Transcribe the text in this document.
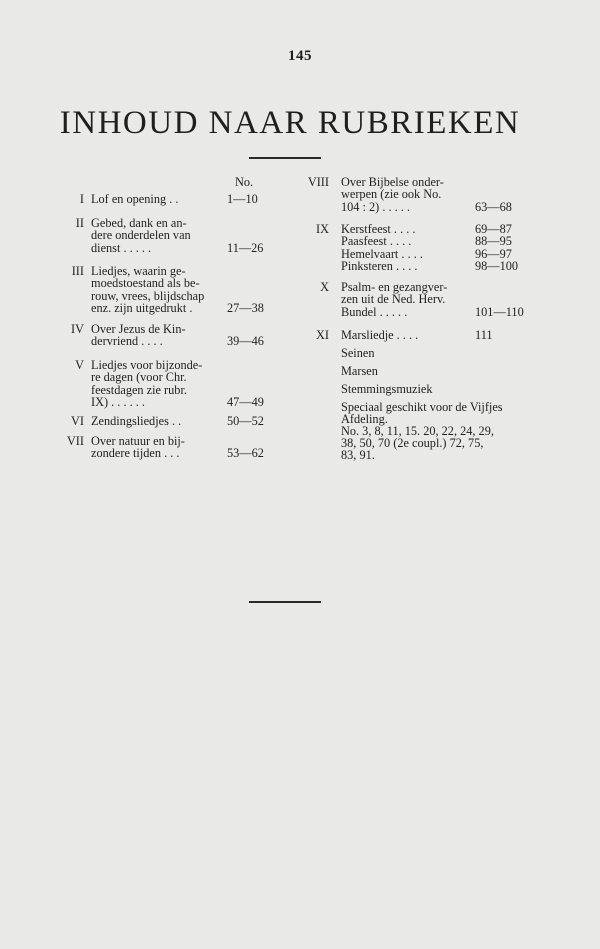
145
INHOUD NAAR RUBRIEKEN
No.
I Lof en opening . .	1—10
II Gebed, dank en an-
dere onderdelen van
dienst . . . . .	11—26
III Liedjes, waarin ge-
moedstoestand als be-
rouw, vrees, blijdschap
enz. zijn uitgedrukt .	27—38
IV Over Jezus de Kin-
dervriend . . . .	39—46
V Liedjes voor bijzonde-
re dagen (voor Chr.
feestdagen zie rubr.
IX) . . . . . .	47—49
VI Zendingsliedjes . .	50—52
VII Over natuur en bij-
zondere tijden . . .	53—62
VIII Over Bijbelse onder-
werpen (zie ook No.
104 : 2) . . . . .	63—68
IX Kerstfeest . . . .	69—87
Paasfeest . . . .	88—95
Hemelvaart . . . .	96—97
Pinksteren . . . .	98—100
X Psalm- en gezangver-
zen uit de Ned. Herv.
Bundel . . . . .	101—110
XI Marsliedje . . . .	111
Seinen
Marsen
Stemmingsmuziek
Speciaal geschikt voor de Vijfjes
Afdeling.
No. 3, 8, 11, 15. 20, 22, 24, 29,
38, 50, 70 (2e coupl.) 72, 75,
83, 91.
